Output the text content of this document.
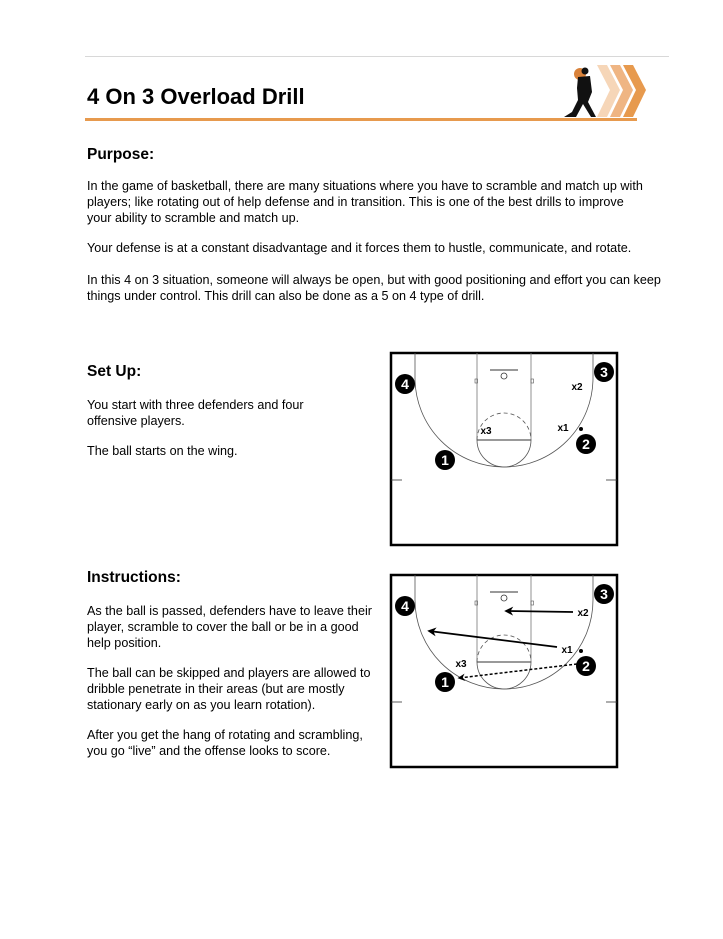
4 On 3 Overload Drill
Purpose:

In the game of basketball, there are many situations where you have to scramble and match up with players; like rotating out of help defense and in transition. This is one of the best drills to improve your ability to scramble and match up.

Your defense is at a constant disadvantage and it forces them to hustle, communicate, and rotate.

In this 4 on 3 situation, someone will always be open, but with good positioning and effort you can keep things under control. This drill can also be done as a 5 on 4 type of drill.

Set Up:

You start with three defenders and four offensive players.

The ball starts on the wing.

Instructions:

As the ball is passed, defenders have to leave their player, scramble to cover the ball or be in a good help position.

The ball can be skipped and players are allowed to dribble penetrate in their areas (but are mostly stationary early on as you learn rotation).

After you get the hang of rotating and scrambling, you go “live” and the offense looks to score.

1
2
3
4
x1
x2
x3
1
2
3
4
x1
x2
x3
